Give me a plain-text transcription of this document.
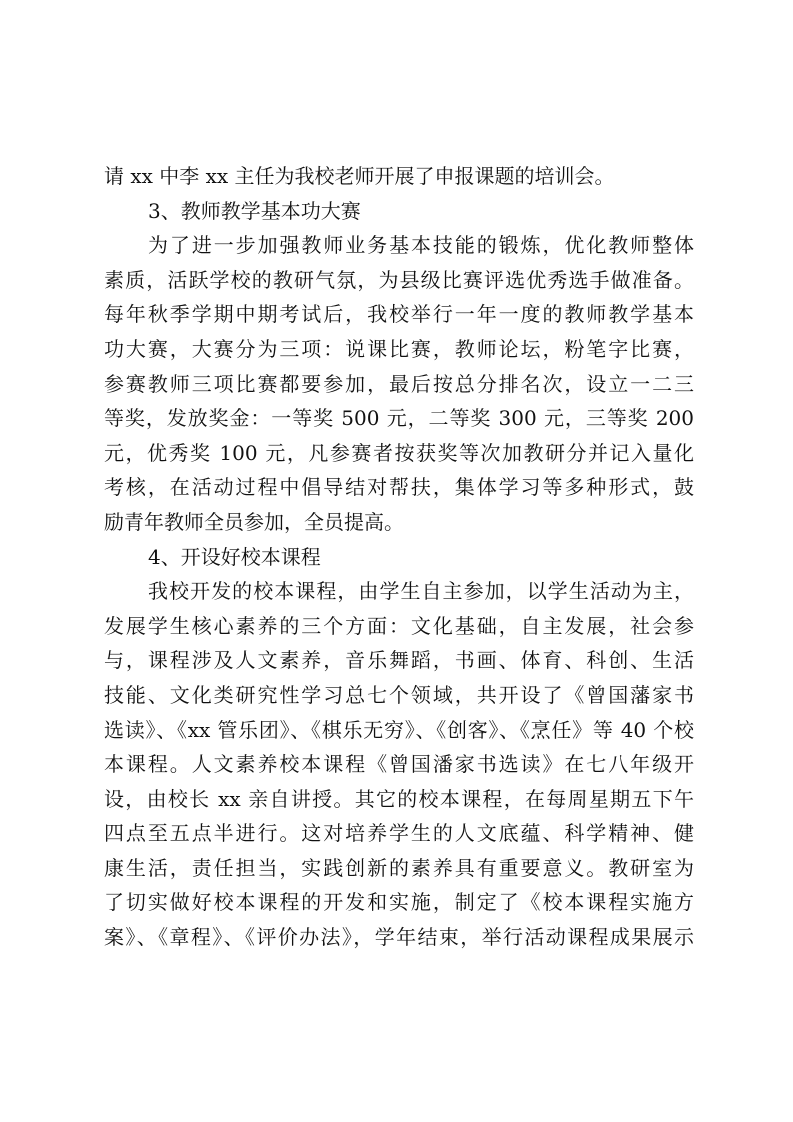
请 xx 中李 xx 主任为我校老师开展了申报课题的培训会。
3、教师教学基本功大赛
为了进一步加强教师业务基本技能的锻炼，优化教师整体
素质，活跃学校的教研气氛，为县级比赛评选优秀选手做准备。
每年秋季学期中期考试后，我校举行一年一度的教师教学基本
功大赛，大赛分为三项：说课比赛，教师论坛，粉笔字比赛，
参赛教师三项比赛都要参加，最后按总分排名次，设立一二三
等奖，发放奖金：一等奖 500 元，二等奖 300 元，三等奖 200
元，优秀奖 100 元，凡参赛者按获奖等次加教研分并记入量化
考核，在活动过程中倡导结对帮扶，集体学习等多种形式，鼓
励青年教师全员参加，全员提高。
4、开设好校本课程
我校开发的校本课程，由学生自主参加，以学生活动为主，
发展学生核心素养的三个方面：文化基础，自主发展，社会参
与，课程涉及人文素养，音乐舞蹈，书画、体育、科创、生活
技能、文化类研究性学习总七个领域，共开设了《曾国藩家书
选读》、《xx 管乐团》、《棋乐无穷》、《创客》、《烹任》等 40 个校
本课程。人文素养校本课程《曾国潘家书选读》在七八年级开
设，由校长 xx 亲自讲授。其它的校本课程，在每周星期五下午
四点至五点半进行。这对培养学生的人文底蕴、科学精神、健
康生活，责任担当，实践创新的素养具有重要意义。教研室为
了切实做好校本课程的开发和实施，制定了《校本课程实施方
案》、《章程》、《评价办法》，学年结束，举行活动课程成果展示
